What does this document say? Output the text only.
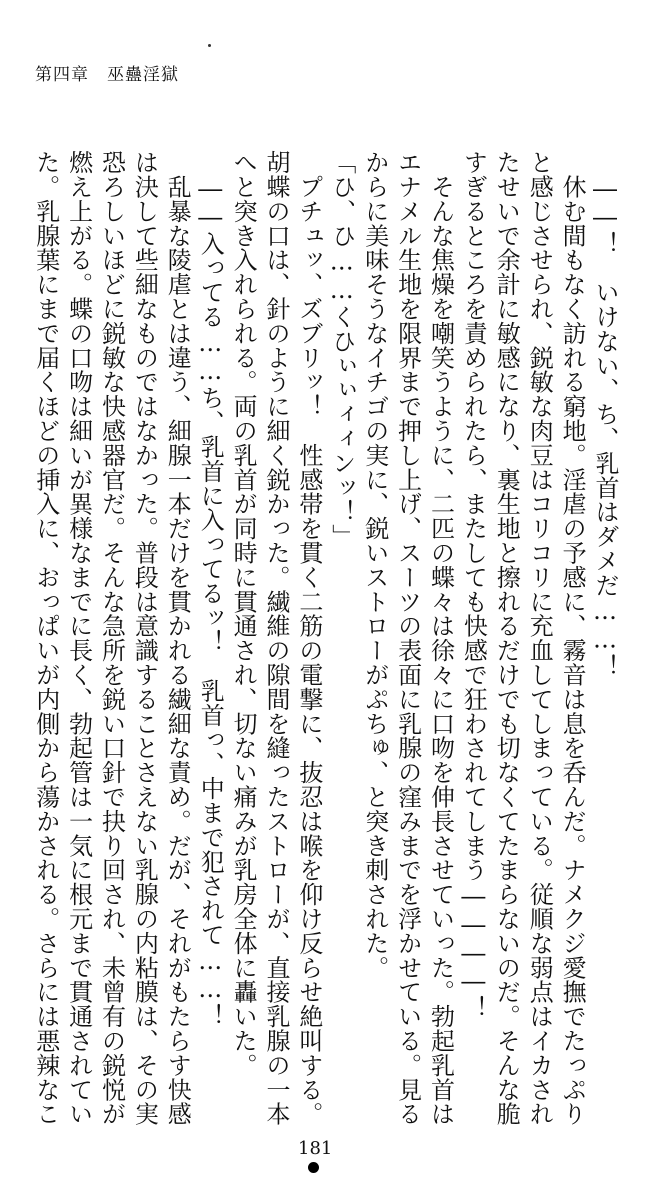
第四章　巫蠱淫獄
　――！　いけない、ち、乳首はダメだ……！
　休む間もなく訪れる窮地。淫虐の予感に、霧音は息を呑んだ。ナメクジ愛撫でたっぷり
と感じさせられ、鋭敏な肉豆はコリコリに充血してしまっている。従順な弱点はイカされ
たせいで余計に敏感になり、裏生地と擦れるだけでも切なくてたまらないのだ。そんな脆
すぎるところを責められたら、またしても快感で狂わされてしまう――――！
　そんな焦燥を嘲笑うように、二匹の蝶々は徐々に口吻を伸長させていった。勃起乳首は
エナメル生地を限界まで押し上げ、スーツの表面に乳腺の窪みまでを浮かせている。見る
からに美味そうなイチゴの実に、鋭いストローがぷちゅ、と突き刺された。
「ひ、ひ……くひぃぃィィンッ！」
　プチュッ、ズブリッ！　性感帯を貫く二筋の電撃に、抜忍は喉を仰け反らせ絶叫する。
胡蝶の口は、針のように細く鋭かった。繊維の隙間を縫ったストローが、直接乳腺の一本
へと突き入れられる。両の乳首が同時に貫通され、切ない痛みが乳房全体に轟いた。
　――入ってる……ち、乳首に入ってるッ！　乳首っ、中まで犯されて……！
　乱暴な陵虐とは違う、細腺一本だけを貫かれる繊細な責め。だが、それがもたらす快感
は決して些細なものではなかった。普段は意識することさえない乳腺の内粘膜は、その実
恐ろしいほどに鋭敏な快感器官だ。そんな急所を鋭い口針で抉り回され、未曾有の鋭悦が
燃え上がる。蝶の口吻は細いが異様なまでに長く、勃起管は一気に根元まで貫通されてい
た。乳腺葉にまで届くほどの挿入に、おっぱいが内側から蕩かされる。さらには悪辣なこ
181
